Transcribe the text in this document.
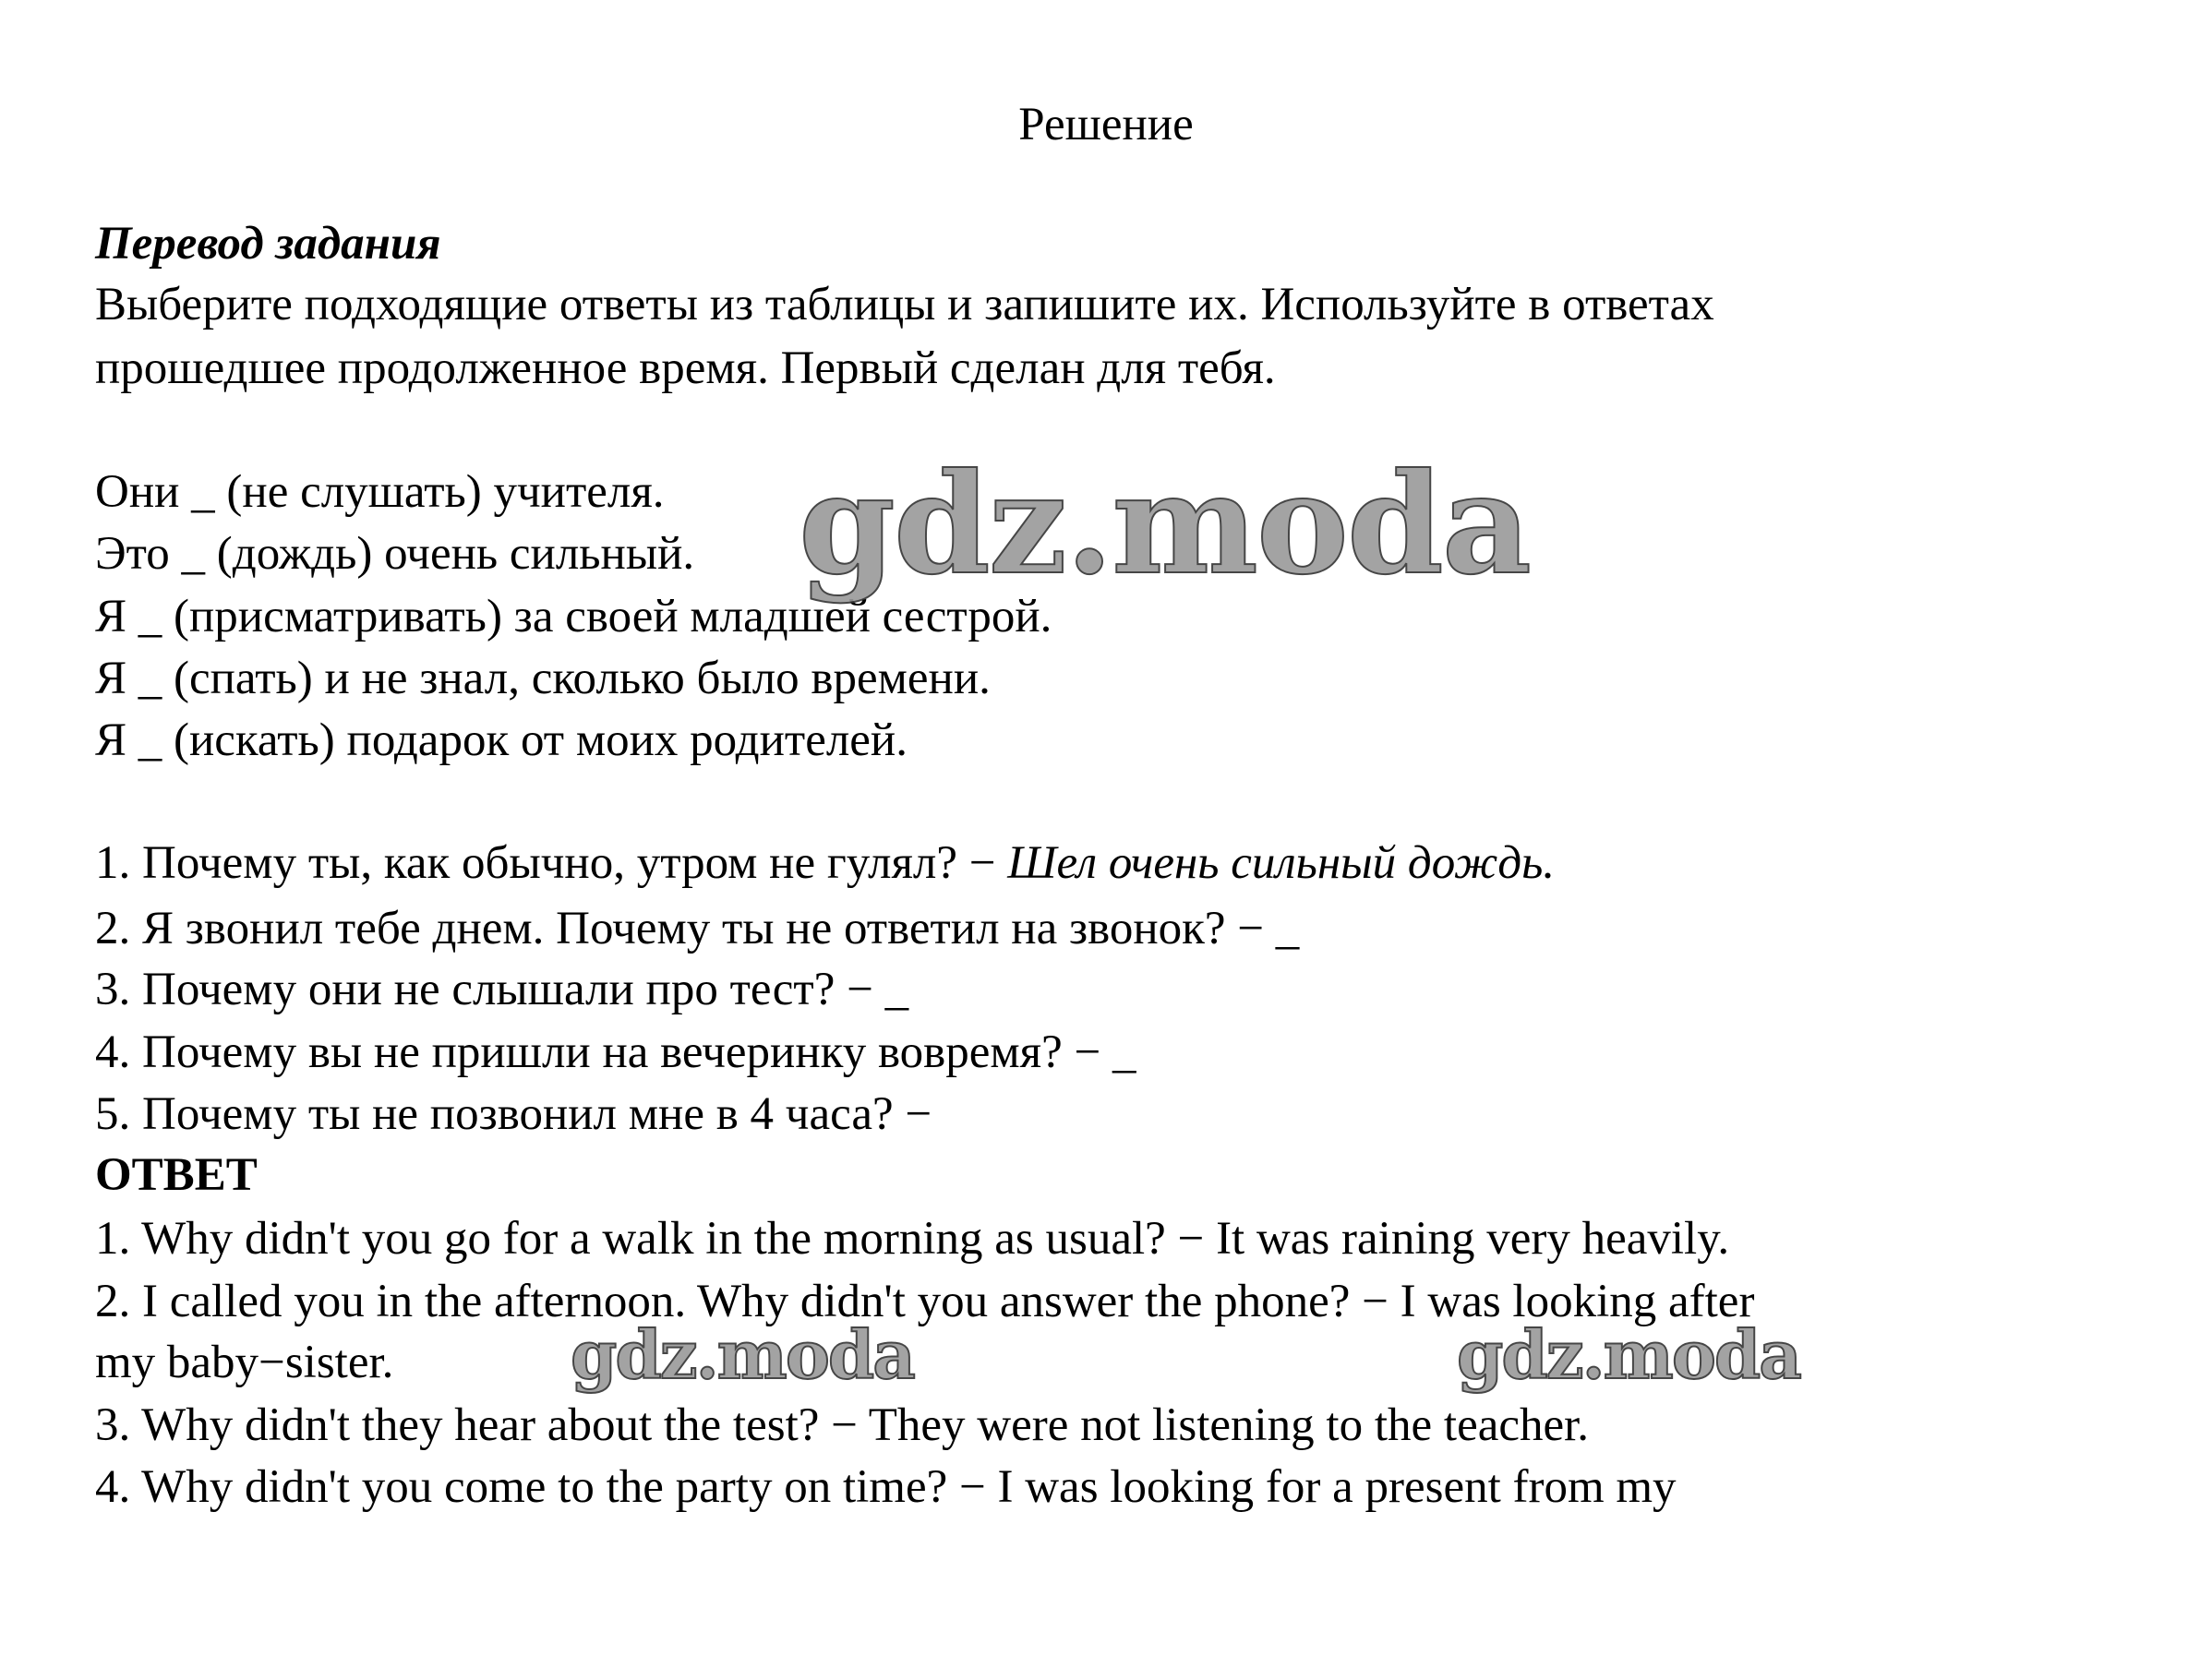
Решение
Перевод задания
Выберите подходящие ответы из таблицы и запишите их. Используйте в ответах
прошедшее продолженное время. Первый сделан для тебя.
Они _ (не слушать) учителя.
Это _ (дождь) очень сильный.
Я _ (присматривать) за своей младшей сестрой.
Я _ (спать) и не знал, сколько было времени.
Я _ (искать) подарок от моих родителей.
1. Почему ты, как обычно, утром не гулял? − Шел очень сильный дождь.
2. Я звонил тебе днем. Почему ты не ответил на звонок? − _
3. Почему они не слышали про тест? − _
4. Почему вы не пришли на вечеринку вовремя? − _
5. Почему ты не позвонил мне в 4 часа? −
ОТВЕТ
1. Why didn't you go for a walk in the morning as usual? − It was raining very heavily.
2. I called you in the afternoon. Why didn't you answer the phone? − I was looking after
my baby−sister.
3. Why didn't they hear about the test? − They were not listening to the teacher.
4. Why didn't you come to the party on time? − I was looking for a present from my
gdz.moda
gdz.moda	gdz.moda
